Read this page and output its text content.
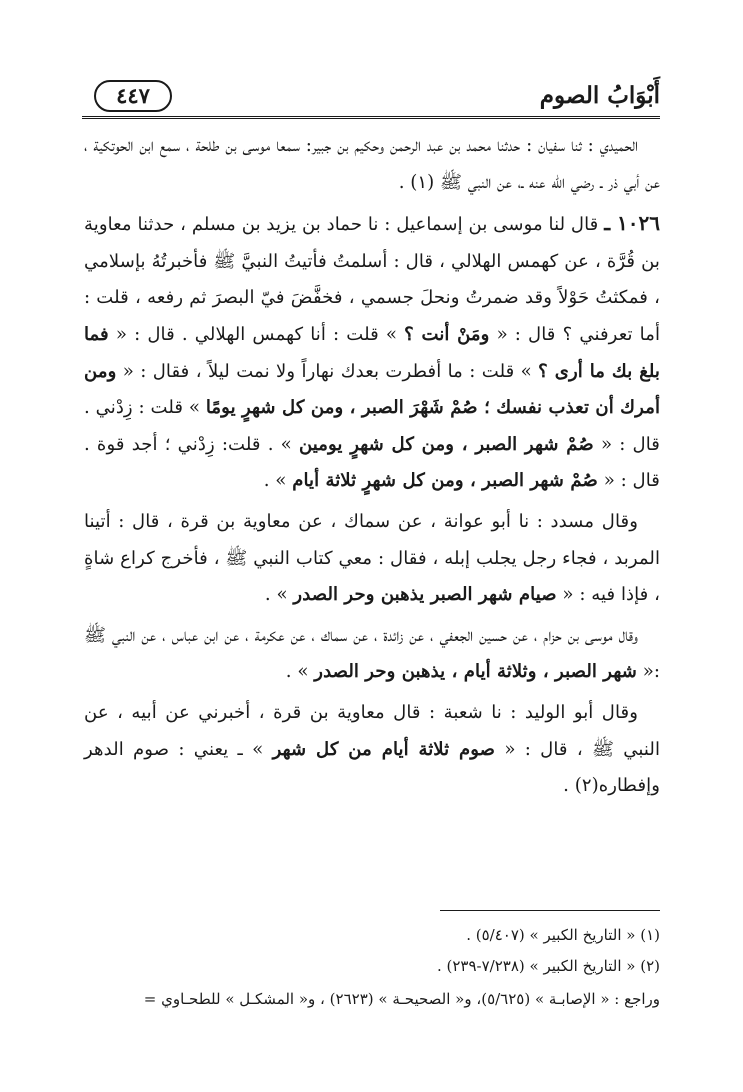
٤٤٧	أَبْوَابُ الصوم

الحميدي : ثنا سفيان : حدثنا محمد بن عبد الرحمن وحكيم بن جبير: سمعا موسى بن طلحة ، سمع ابن الحوتكية ، عن أبي ذر ـ رضي الله عنه ـ، عن النبي ﷺ (١) .

١٠٢٦ ـ قال لنا موسى بن إسماعيل : نا حماد بن يزيد بن مسلم ، حدثنا معاوية بن قُرَّة ، عن كهمس الهلالي ، قال : أسلمتُ فأتيتُ النبيَّ ﷺ فأخبرتُهُ بإسلامي ، فمكثتُ حَوْلاً وقد ضمرتُ ونحلَ جسمي ، فخفَّضَ فيّ البصرَ ثم رفعه ، قلت : أما تعرفني ؟ قال : « ومَنْ أنت ؟ » قلت : أنا كهمس الهلالي . قال : « فما بلغ بك ما أرى ؟ » قلت : ما أفطرت بعدك نهاراً ولا نمت ليلاً ، فقال : « ومن أمرك أن تعذب نفسك ؛ صُمْ شَهْرَ الصبر ، ومن كل شهرٍ يومًا » قلت : زِدْني . قال : « صُمْ شهر الصبر ، ومن كل شهرٍ يومين » . قلت: زِدْني ؛ أجد قوة . قال : « صُمْ شهر الصبر ، ومن كل شهرٍ ثلاثة أيام » .

وقال مسدد : نا أبو عوانة ، عن سماك ، عن معاوية بن قرة ، قال : أتينا المربد ، فجاء رجل يجلب إبله ، فقال : معي كتاب النبي ﷺ ، فأخرج كراع شاةٍ ، فإذا فيه : « صيام شهر الصبر يذهبن وحر الصدر » .

وقال موسى بن حزام ، عن حسين الجعفي ، عن زائدة ، عن سماك ، عن عكرمة ، عن ابن عباس ، عن النبي ﷺ :« شهر الصبر ، وثلاثة أيام ، يذهبن وحر الصدر » .

وقال أبو الوليد : نا شعبة : قال معاوية بن قرة ، أخبرني عن أبيه ، عن النبي ﷺ ، قال : « صوم ثلاثة أيام من كل شهر » ـ يعني : صوم الدهر وإفطاره(٢) .

(١) « التاريخ الكبير » (٥/٤٠٧) .
(٢) « التاريخ الكبير » (٧/٢٣٨-٢٣٩) .
وراجع : « الإصابـة » (٥/٦٢٥)، و« الصحيحـة » (٢٦٢٣) ، و« المشكـل » للطحـاوي =
